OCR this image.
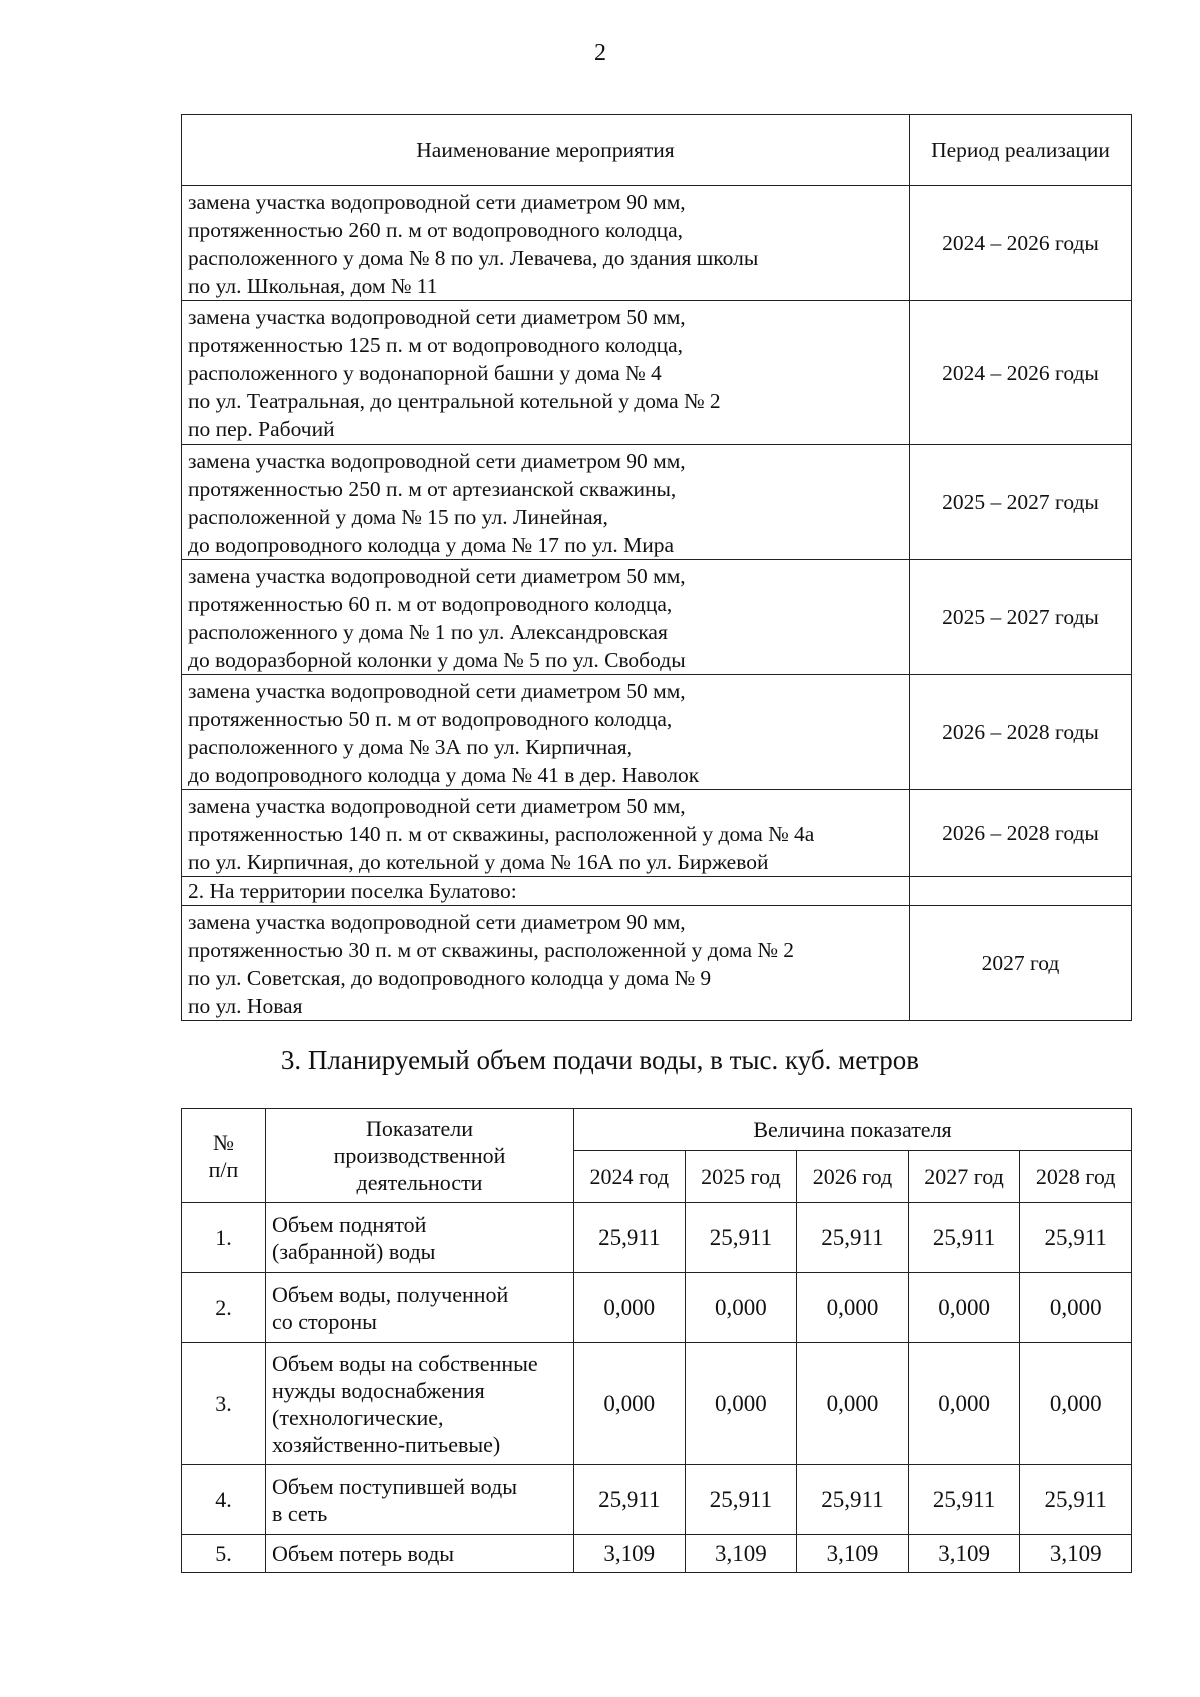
2
Наименование мероприятия	Период реализации
замена участка водопроводной сети диаметром 90 мм,
протяженностью 260 п. м от водопроводного колодца,
расположенного у дома № 8 по ул. Левачева, до здания школы
по ул. Школьная, дом № 11	2024 – 2026 годы
замена участка водопроводной сети диаметром 50 мм,
протяженностью 125 п. м от водопроводного колодца,
расположенного у водонапорной башни у дома № 4
по ул. Театральная, до центральной котельной у дома № 2
по пер. Рабочий	2024 – 2026 годы
замена участка водопроводной сети диаметром 90 мм,
протяженностью 250 п. м от артезианской скважины,
расположенной у дома № 15 по ул. Линейная,
до водопроводного колодца у дома № 17 по ул. Мира	2025 – 2027 годы
замена участка водопроводной сети диаметром 50 мм,
протяженностью 60 п. м от водопроводного колодца,
расположенного у дома № 1 по ул. Александровская
до водоразборной колонки у дома № 5 по ул. Свободы	2025 – 2027 годы
замена участка водопроводной сети диаметром 50 мм,
протяженностью 50 п. м от водопроводного колодца,
расположенного у дома № 3А по ул. Кирпичная,
до водопроводного колодца у дома № 41 в дер. Наволок	2026 – 2028 годы
замена участка водопроводной сети диаметром 50 мм,
протяженностью 140 п. м от скважины, расположенной у дома № 4а
по ул. Кирпичная, до котельной у дома № 16А по ул. Биржевой	2026 – 2028 годы
2. На территории поселка Булатово:	
замена участка водопроводной сети диаметром 90 мм,
протяженностью 30 п. м от скважины, расположенной у дома № 2
по ул. Советская, до водопроводного колодца у дома № 9
по ул. Новая	2027 год
3. Планируемый объем подачи воды, в тыс. куб. метров
№
п/п	Показатели
производственной
деятельности	Величина показателя				
		2024 год	2025 год	2026 год	2027 год	2028 год
1.	Объем поднятой
(забранной) воды	25,911	25,911	25,911	25,911	25,911
2.	Объем воды, полученной
со стороны	0,000	0,000	0,000	0,000	0,000
3.	Объем воды на собственные
нужды водоснабжения
(технологические,
хозяйственно-питьевые)	0,000	0,000	0,000	0,000	0,000
4.	Объем поступившей воды
в сеть	25,911	25,911	25,911	25,911	25,911
5.	Объем потерь воды	3,109	3,109	3,109	3,109	3,109
